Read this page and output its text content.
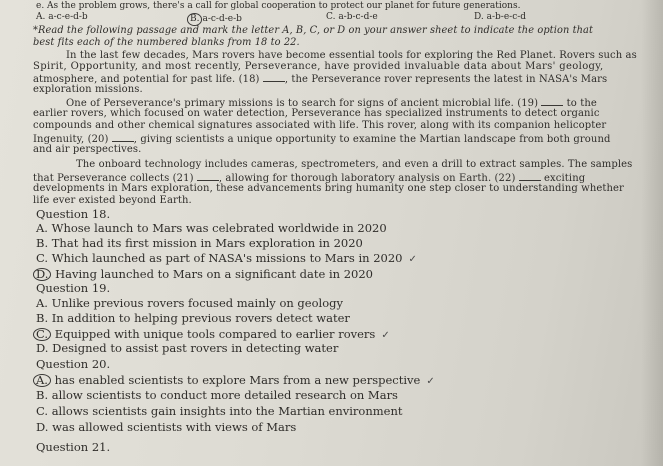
e. As the problem grows, there's a call for global cooperation to protect our planet for future generations.
A. a-c-e-d-b	B. a-c-d-e-b	C. a-b-c-d-e	D. a-b-e-c-d
*Read the following passage and mark the letter A, B, C, or D on your answer sheet to indicate the option that
best fits each of the numbered blanks from 18 to 22.
In the last few decades, Mars rovers have become essential tools for exploring the Red Planet. Rovers such as
Spirit, Opportunity, and most recently, Perseverance, have provided invaluable data about Mars' geology,
atmosphere, and potential for past life. (18) , the Perseverance rover represents the latest in NASA's Mars
exploration missions.
One of Perseverance's primary missions is to search for signs of ancient microbial life. (19)  to the
earlier rovers, which focused on water detection, Perseverance has specialized instruments to detect organic
compounds and other chemical signatures associated with life. This rover, along with its companion helicopter
Ingenuity, (20) , giving scientists a unique opportunity to examine the Martian landscape from both ground
and air perspectives.
The onboard technology includes cameras, spectrometers, and even a drill to extract samples. The samples
that Perseverance collects (21) , allowing for thorough laboratory analysis on Earth. (22)  exciting
developments in Mars exploration, these advancements bring humanity one step closer to understanding whether
life ever existed beyond Earth.
Question 18.
A. Whose launch to Mars was celebrated worldwide in 2020
B. That had its first mission in Mars exploration in 2020
C. Which launched as part of NASA's missions to Mars in 2020 ✓
D. Having launched to Mars on a significant date in 2020
Question 19.
A. Unlike previous rovers focused mainly on geology
B. In addition to helping previous rovers detect water
C. Equipped with unique tools compared to earlier rovers ✓
D. Designed to assist past rovers in detecting water
Question 20.
A. has enabled scientists to explore Mars from a new perspective ✓
B. allow scientists to conduct more detailed research on Mars
C. allows scientists gain insights into the Martian environment
D. was allowed scientists with views of Mars
Question 21.
